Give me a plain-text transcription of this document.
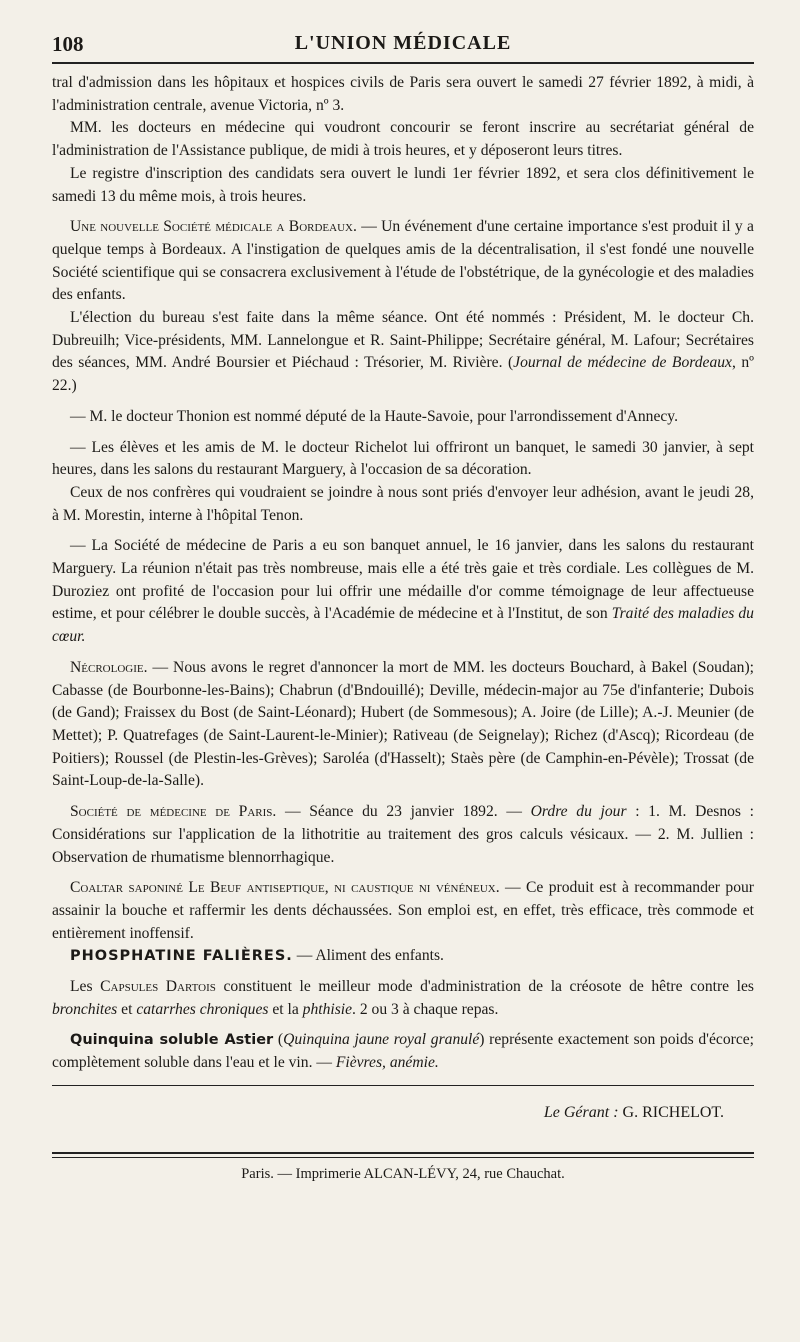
108	L'UNION MÉDICALE

tral d'admission dans les hôpitaux et hospices civils de Paris sera ouvert le samedi 27 février 1892, à midi, à l'administration centrale, avenue Victoria, nº 3.

MM. les docteurs en médecine qui voudront concourir se feront inscrire au secrétariat général de l'administration de l'Assistance publique, de midi à trois heures, et y déposeront leurs titres.

Le registre d'inscription des candidats sera ouvert le lundi 1er février 1892, et sera clos définitivement le samedi 13 du même mois, à trois heures.

Une nouvelle Société médicale a Bordeaux. — Un événement d'une certaine importance s'est produit il y a quelque temps à Bordeaux. A l'instigation de quelques amis de la décentralisation, il s'est fondé une nouvelle Société scientifique qui se consacrera exclusivement à l'étude de l'obstétrique, de la gynécologie et des maladies des enfants.

L'élection du bureau s'est faite dans la même séance. Ont été nommés : Président, M. le docteur Ch. Dubreuilh; Vice-présidents, MM. Lannelongue et R. Saint-Philippe; Secrétaire général, M. Lafour; Secrétaires des séances, MM. André Boursier et Piéchaud : Trésorier, M. Rivière. (Journal de médecine de Bordeaux, nº 22.)

— M. le docteur Thonion est nommé député de la Haute-Savoie, pour l'arrondissement d'Annecy.

— Les élèves et les amis de M. le docteur Richelot lui offriront un banquet, le samedi 30 janvier, à sept heures, dans les salons du restaurant Marguery, à l'occasion de sa décoration.

Ceux de nos confrères qui voudraient se joindre à nous sont priés d'envoyer leur adhésion, avant le jeudi 28, à M. Morestin, interne à l'hôpital Tenon.

— La Société de médecine de Paris a eu son banquet annuel, le 16 janvier, dans les salons du restaurant Marguery. La réunion n'était pas très nombreuse, mais elle a été très gaie et très cordiale. Les collègues de M. Duroziez ont profité de l'occasion pour lui offrir une médaille d'or comme témoignage de leur affectueuse estime, et pour célébrer le double succès, à l'Académie de médecine et à l'Institut, de son Traité des maladies du cœur.

Nécrologie. — Nous avons le regret d'annoncer la mort de MM. les docteurs Bouchard, à Bakel (Soudan); Cabasse (de Bourbonne-les-Bains); Chabrun (d'Bndouillé); Deville, médecin-major au 75e d'infanterie; Dubois (de Gand); Fraissex du Bost (de Saint-Léonard); Hubert (de Sommesous); A. Joire (de Lille); A.-J. Meunier (de Mettet); P. Quatrefages (de Saint-Laurent-le-Minier); Rativeau (de Seignelay); Richez (d'Ascq); Ricordeau (de Poitiers); Roussel (de Plestin-les-Grèves); Saroléa (d'Hasselt); Staès père (de Camphin-en-Pévèle); Trossat (de Saint-Loup-de-la-Salle).

Société de médecine de Paris. — Séance du 23 janvier 1892. — Ordre du jour : 1. M. Desnos : Considérations sur l'application de la lithotritie au traitement des gros calculs vésicaux. — 2. M. Jullien : Observation de rhumatisme blennorrhagique.

Coaltar saponiné Le Beuf antiseptique, ni caustique ni vénéneux. — Ce produit est à recommander pour assainir la bouche et raffermir les dents déchaussées. Son emploi est, en effet, très efficace, très commode et entièrement inoffensif.

PHOSPHATINE FALIÈRES. — Aliment des enfants.

Les Capsules Dartois constituent le meilleur mode d'administration de la créosote de hêtre contre les bronchites et catarrhes chroniques et la phthisie. 2 ou 3 à chaque repas.

Quinquina soluble Astier (Quinquina jaune royal granulé) représente exactement son poids d'écorce; complètement soluble dans l'eau et le vin. — Fièvres, anémie.

Le Gérant : G. RICHELOT.
Paris. — Imprimerie ALCAN-LÉVY, 24, rue Chauchat.
